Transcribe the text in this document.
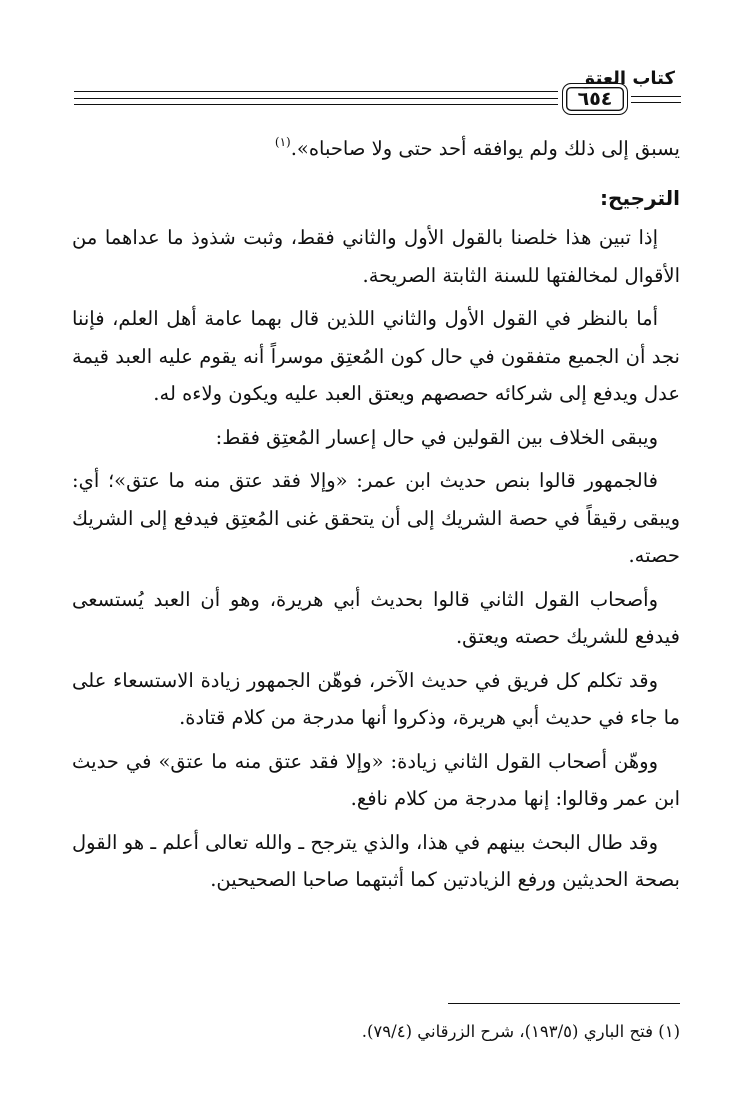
كتاب العتق
٦٥٤

يسبق إلى ذلك ولم يوافقه أحد حتى ولا صاحباه».$^{(١)}$

الترجيح:

إذا تبين هذا خلصنا بالقول الأول والثاني فقط، وثبت شذوذ ما عداهما من الأقوال لمخالفتها للسنة الثابتة الصريحة.

أما بالنظر في القول الأول والثاني اللذين قال بهما عامة أهل العلم، فإننا نجد أن الجميع متفقون في حال كون المُعتِق موسراً أنه يقوم عليه العبد قيمة عدل ويدفع إلى شركائه حصصهم ويعتق العبد عليه ويكون ولاءه له.

ويبقى الخلاف بين القولين في حال إعسار المُعتِق فقط:

فالجمهور قالوا بنص حديث ابن عمر: «وإلا فقد عتق منه ما عتق»؛ أي: ويبقى رقيقاً في حصة الشريك إلى أن يتحقق غنى المُعتِق فيدفع إلى الشريك حصته.

وأصحاب القول الثاني قالوا بحديث أبي هريرة، وهو أن العبد يُستسعى فيدفع للشريك حصته ويعتق.

وقد تكلم كل فريق في حديث الآخر، فوهّن الجمهور زيادة الاستسعاء على ما جاء في حديث أبي هريرة، وذكروا أنها مدرجة من كلام قتادة.

ووهّن أصحاب القول الثاني زيادة: «وإلا فقد عتق منه ما عتق» في حديث ابن عمر وقالوا: إنها مدرجة من كلام نافع.

وقد طال البحث بينهم في هذا، والذي يترجح ـ والله تعالى أعلم ـ هو القول بصحة الحديثين ورفع الزيادتين كما أثبتهما صاحبا الصحيحين.

(١) فتح الباري (١٩٣/٥)، شرح الزرقاني (٧٩/٤).
